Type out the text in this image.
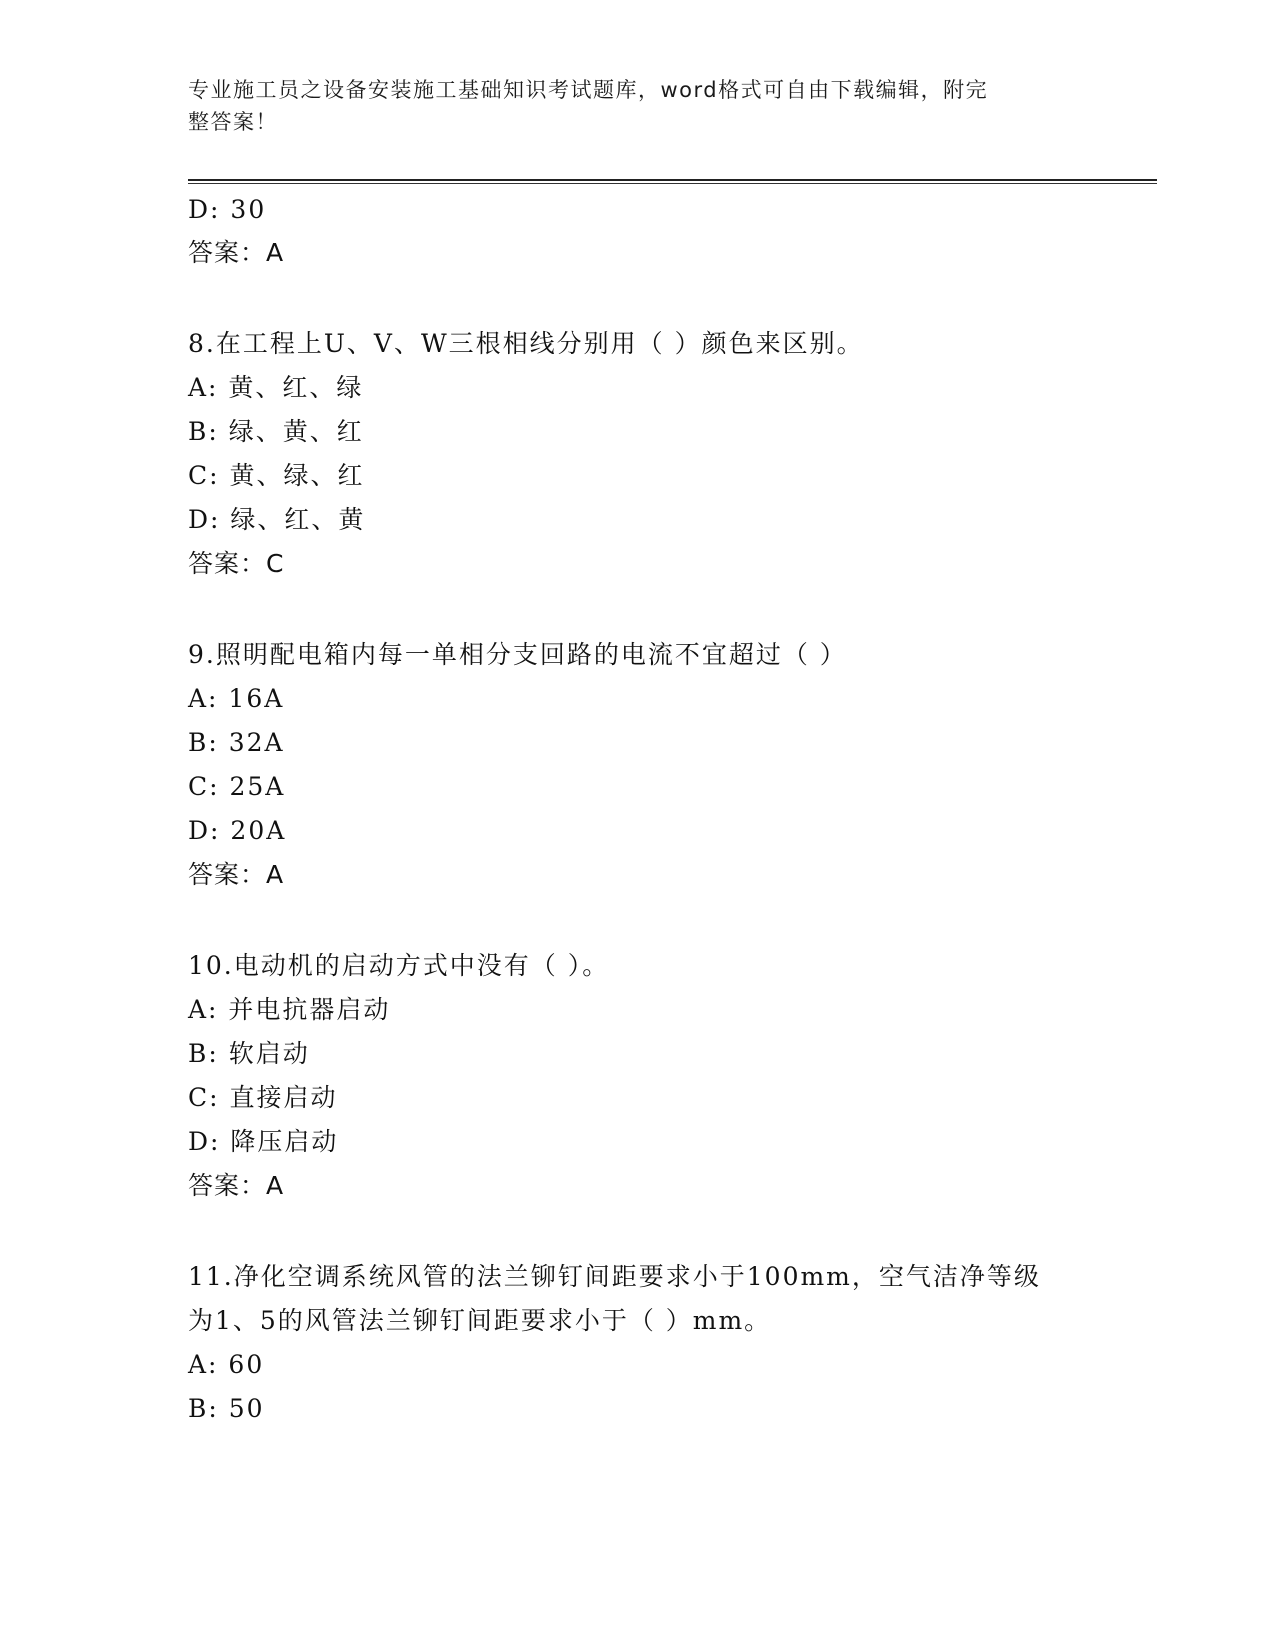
专业施工员之设备安装施工基础知识考试题库，word格式可自由下载编辑，附完
整答案！
D: 30
答案：A
8.在工程上U、V、W三根相线分别用（ ）颜色来区别。
A: 黄、红、绿
B: 绿、黄、红
C: 黄、绿、红
D: 绿、红、黄
答案：C
9.照明配电箱内每一单相分支回路的电流不宜超过（ ）
A: 16A
B: 32A
C: 25A
D: 20A
答案：A
10.电动机的启动方式中没有（ ）。
A: 并电抗器启动
B: 软启动
C: 直接启动
D: 降压启动
答案：A
11.净化空调系统风管的法兰铆钉间距要求小于100mm，空气洁净等级
为1、5的风管法兰铆钉间距要求小于（ ）mm。
A: 60
B: 50
